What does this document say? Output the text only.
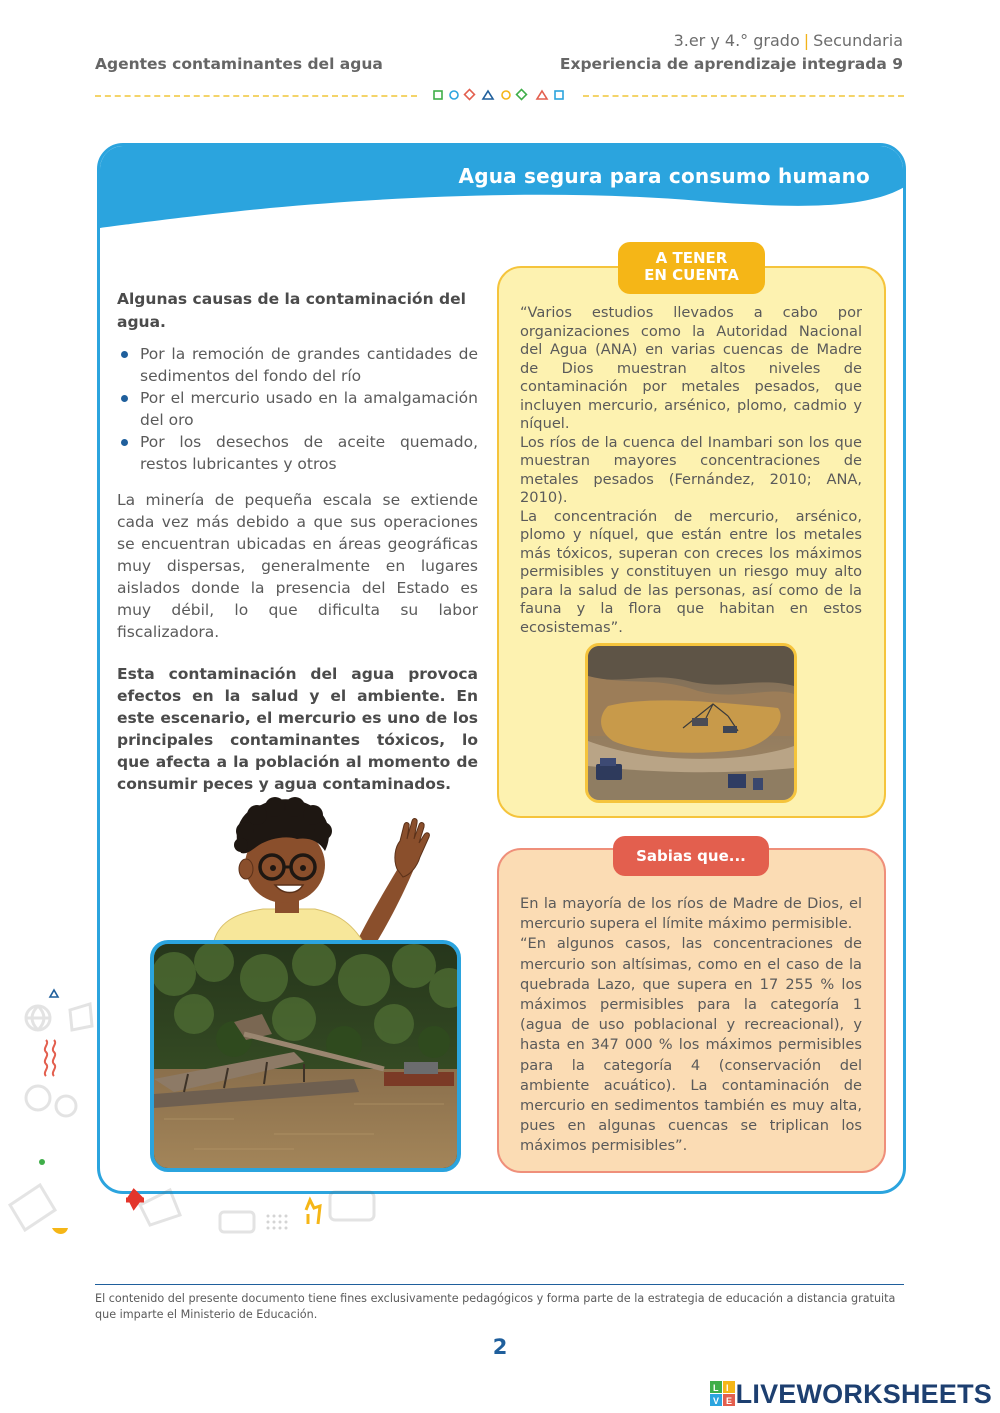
3.er y 4.° grado | Secundaria
Agentes contaminantes del agua	Experiencia de aprendizaje integrada 9
Agua segura para consumo humano
Algunas causas de la contaminación del agua.
Por la remoción de grandes cantidades de sedimentos del fondo del río
Por el mercurio usado en la amalgamación del oro
Por los desechos de aceite quemado, restos lubricantes y otros

La minería de pequeña escala se extiende cada vez más debido a que sus operaciones se encuentran ubicadas en áreas geográficas muy dispersas, generalmente en lugares aislados donde la presencia del Estado es muy débil, lo que dificulta su labor fiscalizadora.

Esta contaminación del agua provoca efectos en la salud y el ambiente. En este escenario, el mercurio es uno de los principales contaminantes tóxicos, lo que afecta a la población al momento de consumir peces y agua contaminados.

A TENER
EN CUENTA

“Varios estudios llevados a cabo por organizaciones como la Autoridad Nacional del Agua (ANA) en varias cuencas de Madre de Dios muestran altos niveles de contaminación por metales pesados, que incluyen mercurio, arsénico, plomo, cadmio y níquel.

Los ríos de la cuenca del Inambari son los que muestran mayores concentraciones de metales pesados (Fernández, 2010; ANA, 2010).

La concentración de mercurio, arsénico, plomo y níquel, que están entre los metales más tóxicos, superan con creces los máximos permisibles y constituyen un riesgo muy alto para la salud de las personas, así como de la fauna y la flora que habitan en estos ecosistemas”.

Sabias que...

En la mayoría de los ríos de Madre de Dios, el mercurio supera el límite máximo permisible.

“En algunos casos, las concentraciones de mercurio son altísimas, como en el caso de la quebrada Lazo, que supera en 17 255 % los máximos permisibles para la categoría 1 (agua de uso poblacional y recreacional), y hasta en 347 000 % los máximos permisibles para la categoría 4 (conservación del ambiente acuático). La contaminación de mercurio en sedimentos también es muy alta, pues en algunas cuencas se triplican los máximos permisibles”.

El contenido del presente documento tiene fines exclusivamente pedagógicos y forma parte de la estrategia de educación a distancia gratuita que imparte el Ministerio de Educación.
2
L I
V E LIVEWORKSHEETS
